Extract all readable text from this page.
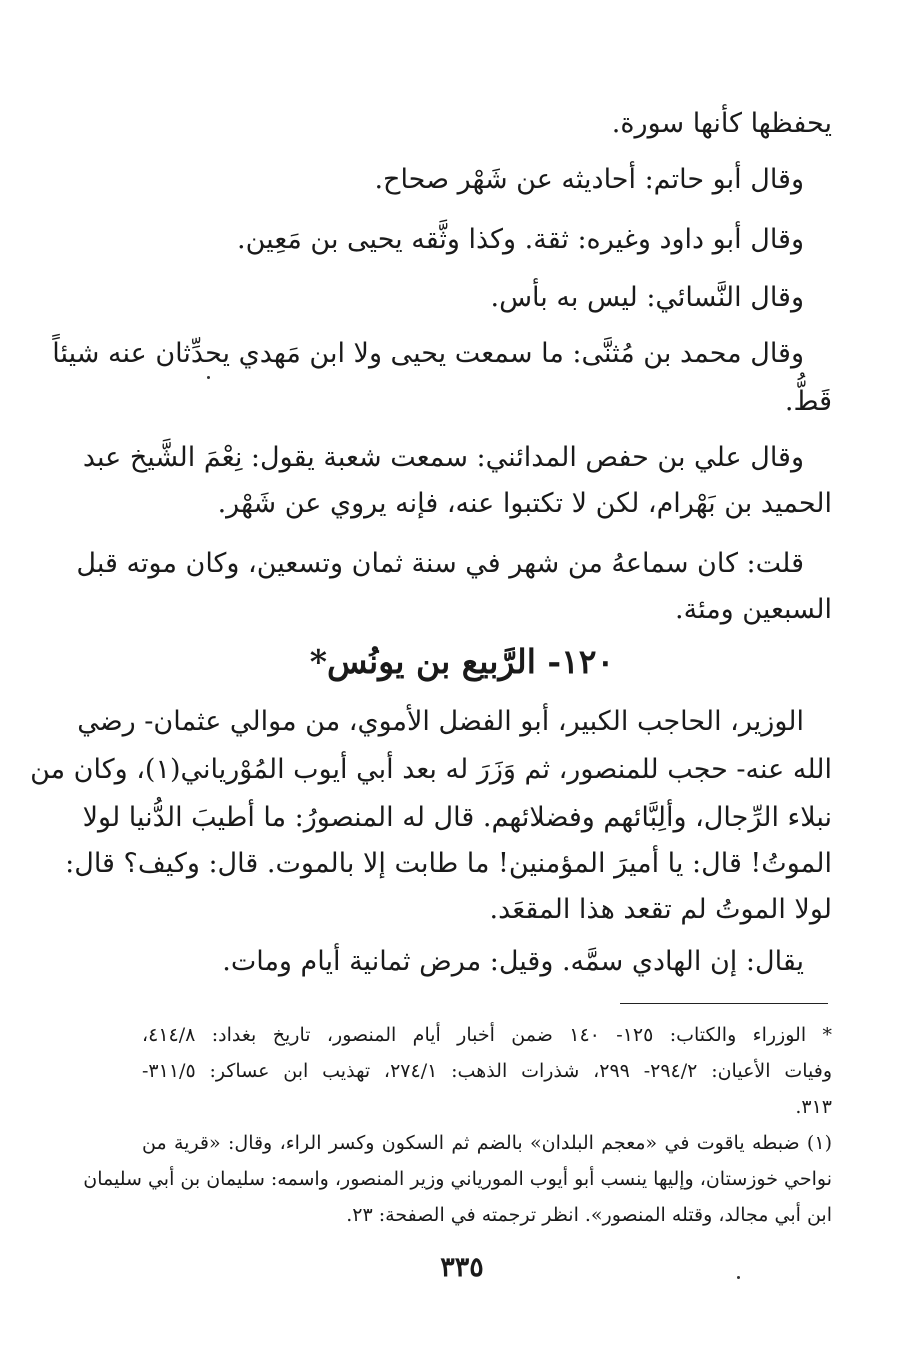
يحفظها كأنها سورة.
وقال أبو حاتم: أحاديثه عن شَهْر صحاح.
وقال أبو داود وغيره: ثقة. وكذا وثَّقه يحيى بن مَعِين.
وقال النَّسائي: ليس به بأس.
وقال محمد بن مُثنَّى: ما سمعت يحيى ولا ابن مَهدي يحدِّثان عنه شيئاً
قَطُّ.
وقال علي بن حفص المدائني: سمعت شعبة يقول: نِعْمَ الشَّيخ عبد
الحميد بن بَهْرام، لكن لا تكتبوا عنه، فإنه يروي عن شَهْر.
قلت: كان سماعهُ من شهر في سنة ثمان وتسعين، وكان موته قبل
السبعين ومئة.
١٢٠- الرَّبيع بن يونُس*
الوزير، الحاجب الكبير، أبو الفضل الأموي، من موالي عثمان- رضي
الله عنه- حجب للمنصور، ثم وَزَرَ له بعد أبي أيوب المُوْرياني(١)، وكان من
نبلاء الرِّجال، وألِبَّائهم وفضلائهم. قال له المنصورُ: ما أطيبَ الدُّنيا لولا
الموتُ! قال: يا أميرَ المؤمنين! ما طابت إلا بالموت. قال: وكيف؟ قال:
لولا الموتُ لم تقعد هذا المقعَد.
يقال: إن الهادي سمَّه. وقيل: مرض ثمانية أيام ومات.
* الوزراء والكتاب: ١٢٥- ١٤٠ ضمن أخبار أيام المنصور، تاريخ بغداد: ٤١٤/٨،
وفيات الأعيان: ٢٩٤/٢- ٢٩٩، شذرات الذهب: ٢٧٤/١، تهذيب ابن عساكر: ٣١١/٥-
٣١٣.
(١) ضبطه ياقوت في «معجم البلدان» بالضم ثم السكون وكسر الراء، وقال: «قرية من
نواحي خوزستان، وإليها ينسب أبو أيوب المورياني وزير المنصور، واسمه: سليمان بن أبي سليمان
ابن أبي مجالد، وقتله المنصور». انظر ترجمته في الصفحة: ٢٣.
٣٣٥
